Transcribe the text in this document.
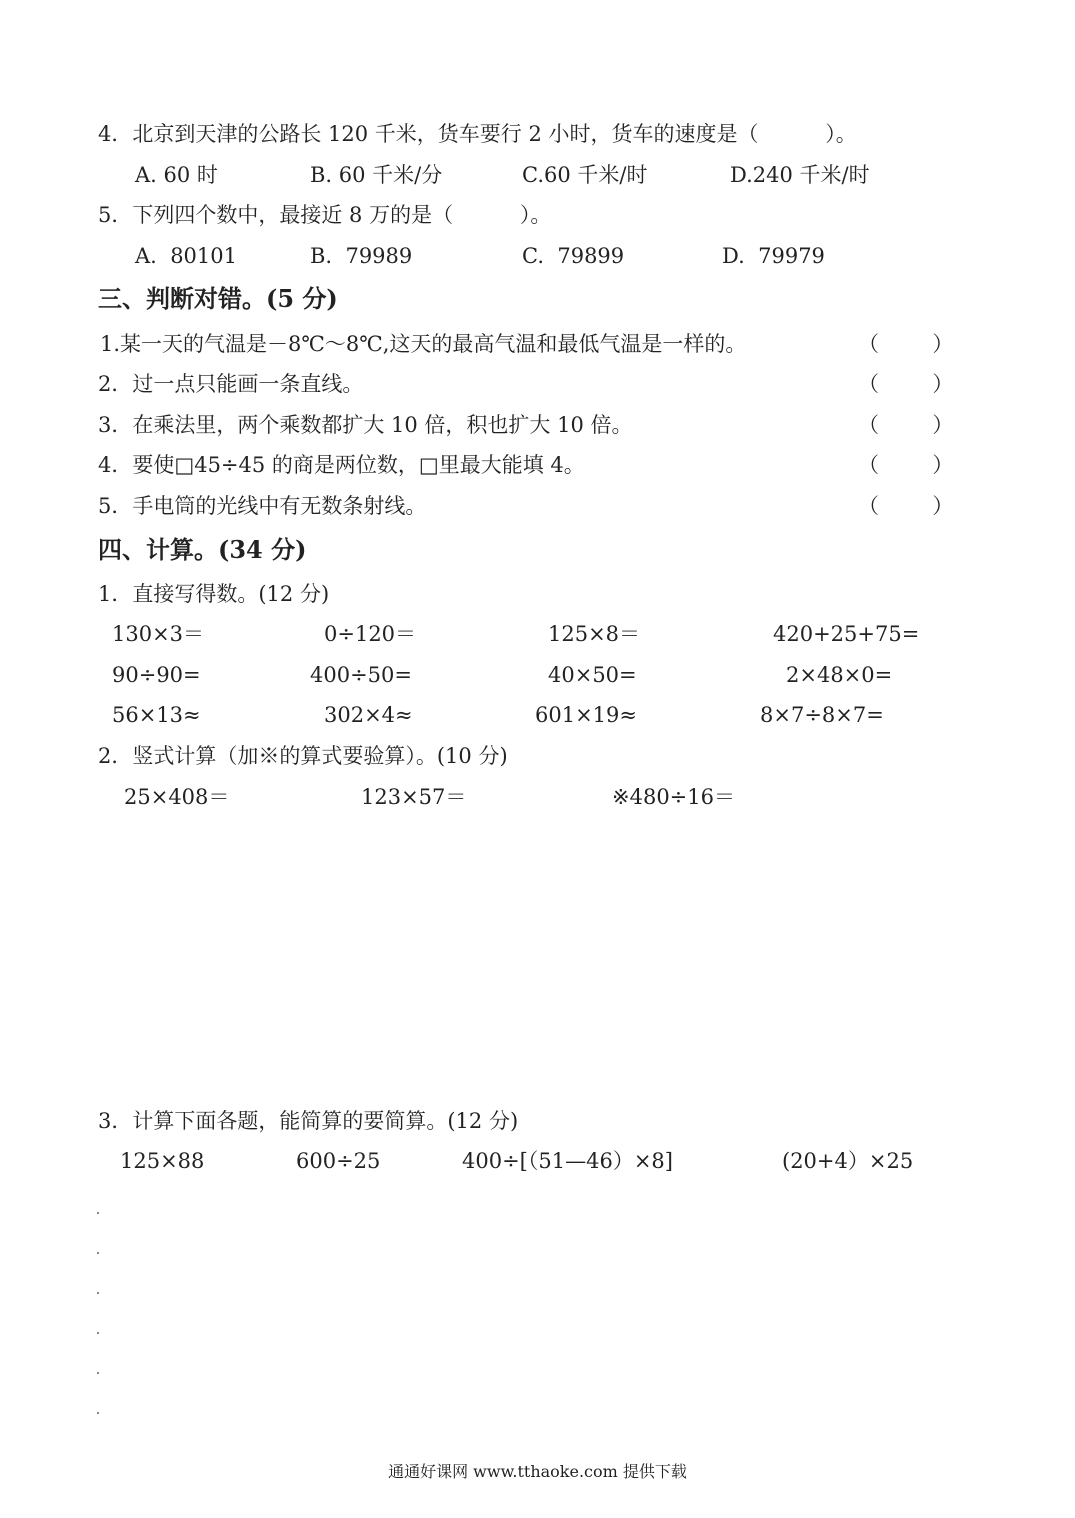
4．北京到天津的公路长 120 千米，货车要行 2 小时，货车的速度是（          ）。
A. 60 时	B. 60 千米/分	C.60 千米/时	D.240 千米/时
5．下列四个数中，最接近 8 万的是（          ）。
A.  80101	B.  79989	C.  79899	D.  79979
三、判断对错。(5 分)
1.某一天的气温是－8℃～8℃,这天的最高气温和最低气温是一样的。	（        ）
2．过一点只能画一条直线。	（        ）
3．在乘法里，两个乘数都扩大 10 倍，积也扩大 10 倍。	（        ）
4．要使□45÷45 的商是两位数，□里最大能填 4。	（        ）
5．手电筒的光线中有无数条射线。	（        ）
四、计算。(34 分)
1．直接写得数。(12 分)
130×3＝	0÷120＝	125×8＝	420+25+75=
90÷90=	400÷50=	40×50=	2×48×0=
56×13≈	302×4≈	601×19≈	8×7÷8×7=
2．竖式计算（加※的算式要验算）。(10 分)
25×408＝	123×57＝	※480÷16＝
3．计算下面各题，能简算的要简算。(12 分)
125×88	600÷25	400÷[（51—46）×8]	(20+4）×25
通通好课网 www.tthaoke.com 提供下载
